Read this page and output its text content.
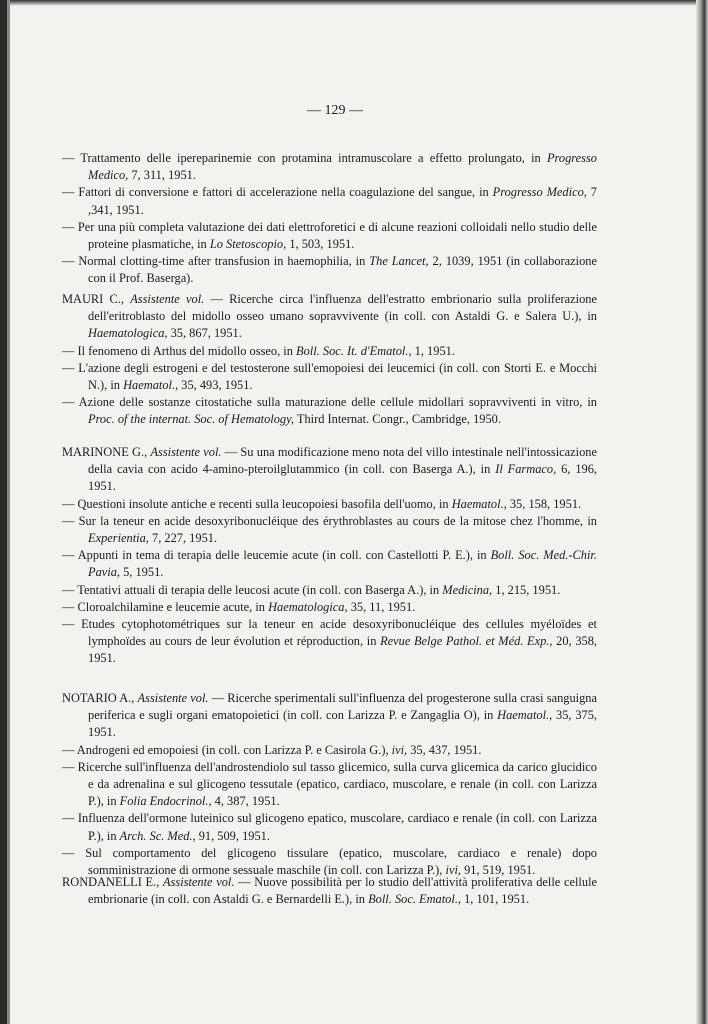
— 129 —

— Trattamento delle ipereparinemie con protamina intramuscolare a effetto prolungato, in Progresso Medico, 7, 311, 1951.

— Fattori di conversione e fattori di accelerazione nella coagulazione del sangue, in Progresso Medico, 7 ,341, 1951.

— Per una più completa valutazione dei dati elettroforetici e di alcune reazioni colloidali nello studio delle proteine plasmatiche, in Lo Stetoscopio, 1, 503, 1951.

— Normal clotting-time after transfusion in haemophilia, in The Lancet, 2, 1039, 1951 (in collaborazione con il Prof. Baserga).

MAURI C., Assistente vol. — Ricerche circa l'influenza dell'estratto embrionario sulla proliferazione dell'eritroblasto del midollo osseo umano sopravvivente (in coll. con Astaldi G. e Salera U.), in Haematologica, 35, 867, 1951.

— Il fenomeno di Arthus del midollo osseo, in Boll. Soc. It. d'Ematol., 1, 1951.

— L'azione degli estrogeni e del testosterone sull'emopoiesi dei leucemici (in coll. con Storti E. e Mocchi N.), in Haematol., 35, 493, 1951.

— Azione delle sostanze citostatiche sulla maturazione delle cellule midollari sopravviventi in vitro, in Proc. of the internat. Soc. of Hematology, Third Internat. Congr., Cambridge, 1950.

MARINONE G., Assistente vol. — Su una modificazione meno nota del villo intestinale nell'intossicazione della cavia con acido 4-amino-pteroilglutammico (in coll. con Baserga A.), in Il Farmaco, 6, 196, 1951.

— Questioni insolute antiche e recenti sulla leucopoiesi basofila dell'uomo, in Haematol., 35, 158, 1951.

— Sur la teneur en acide desoxyribonucléique des érythroblastes au cours de la mitose chez l'homme, in Experientia, 7, 227, 1951.

— Appunti in tema di terapia delle leucemie acute (in coll. con Castellotti P. E.), in Boll. Soc. Med.-Chir. Pavia, 5, 1951.

— Tentativi attuali di terapia delle leucosi acute (in coll. con Baserga A.), in Medicina, 1, 215, 1951.

— Cloroalchilamine e leucemie acute, in Haematologica, 35, 11, 1951.

— Etudes cytophotométriques sur la teneur en acide desoxyribonucléique des cellules myéloïdes et lymphoïdes au cours de leur évolution et réproduction, in Revue Belge Pathol. et Méd. Exp., 20, 358, 1951.

NOTARIO A., Assistente vol. — Ricerche sperimentali sull'influenza del progesterone sulla crasi sanguigna periferica e sugli organi ematopoietici (in coll. con Larizza P. e Zangaglia O), in Haematol., 35, 375, 1951.

— Androgeni ed emopoiesi (in coll. con Larizza P. e Casirola G.), ivi, 35, 437, 1951.

— Ricerche sull'influenza dell'androstendiolo sul tasso glicemico, sulla curva glicemica da carico glucidico e da adrenalina e sul glicogeno tessutale (epatico, cardiaco, muscolare, e renale (in coll. con Larizza P.), in Folia Endocrinol., 4, 387, 1951.

— Influenza dell'ormone luteinico sul glicogeno epatico, muscolare, cardiaco e renale (in coll. con Larizza P.), in Arch. Sc. Med., 91, 509, 1951.

— Sul comportamento del glicogeno tissulare (epatico, muscolare, cardiaco e renale) dopo somministrazione di ormone sessuale maschile (in coll. con Larizza P.), ivi, 91, 519, 1951.

RONDANELLI E., Assistente vol. — Nuove possibilità per lo studio dell'attività proliferativa delle cellule embrionarie (in coll. con Astaldi G. e Bernardelli E.), in Boll. Soc. Ematol., 1, 101, 1951.
